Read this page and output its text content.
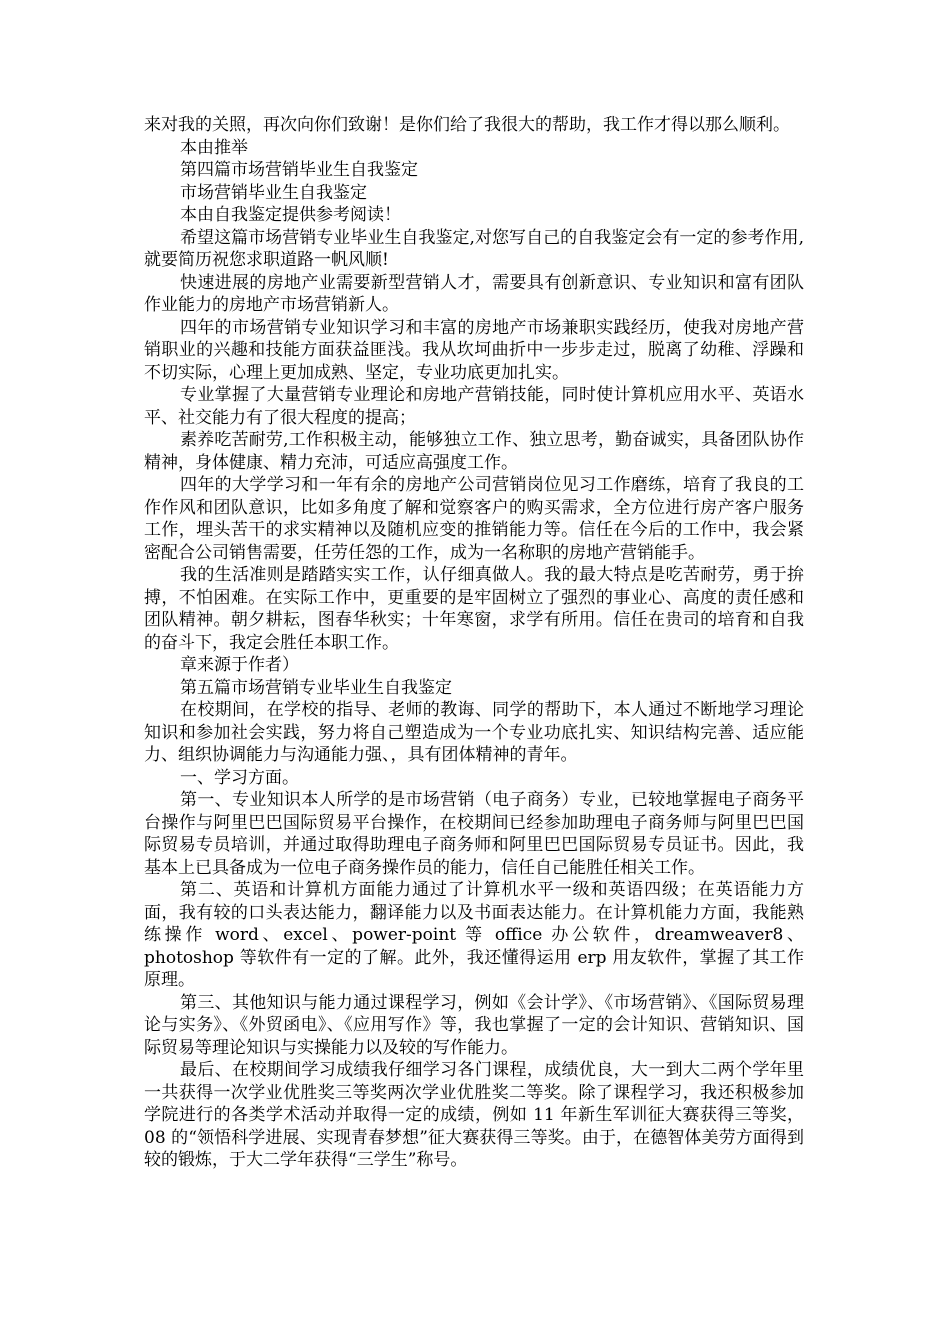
来对我的关照，再次向你们致谢！是你们给了我很大的帮助，我工作才得以那么顺利。

本由推举

第四篇市场营销毕业生自我鉴定

市场营销毕业生自我鉴定

本由自我鉴定提供参考阅读！

希望这篇市场营销专业毕业生自我鉴定,对您写自己的自我鉴定会有一定的参考作用,就要简历祝您求职道路一帆风顺!

快速进展的房地产业需要新型营销人才，需要具有创新意识、专业知识和富有团队作业能力的房地产市场营销新人。

四年的市场营销专业知识学习和丰富的房地产市场兼职实践经历，使我对房地产营销职业的兴趣和技能方面获益匪浅。我从坎坷曲折中一步步走过，脱离了幼稚、浮躁和不切实际，心理上更加成熟、坚定，专业功底更加扎实。

专业掌握了大量营销专业理论和房地产营销技能，同时使计算机应用水平、英语水平、社交能力有了很大程度的提高；

素养吃苦耐劳,工作积极主动，能够独立工作、独立思考，勤奋诚实，具备团队协作精神，身体健康、精力充沛，可适应高强度工作。

四年的大学学习和一年有余的房地产公司营销岗位见习工作磨练，培育了我良的工作作风和团队意识，比如多角度了解和觉察客户的购买需求，全方位进行房产客户服务工作，埋头苦干的求实精神以及随机应变的推销能力等。信任在今后的工作中，我会紧密配合公司销售需要，任劳任怨的工作，成为一名称职的房地产营销能手。

我的生活准则是踏踏实实工作，认仔细真做人。我的最大特点是吃苦耐劳，勇于拚搏，不怕困难。在实际工作中，更重要的是牢固树立了强烈的事业心、高度的责任感和团队精神。朝夕耕耘，图春华秋实；十年寒窗，求学有所用。信任在贵司的培育和自我的奋斗下，我定会胜任本职工作。

章来源于作者）

第五篇市场营销专业毕业生自我鉴定

在校期间，在学校的指导、老师的教诲、同学的帮助下，本人通过不断地学习理论知识和参加社会实践，努力将自己塑造成为一个专业功底扎实、知识结构完善、适应能力、组织协调能力与沟通能力强、，具有团体精神的青年。

一、学习方面。

第一、专业知识本人所学的是市场营销（电子商务）专业，已较地掌握电子商务平台操作与阿里巴巴国际贸易平台操作，在校期间已经参加助理电子商务师与阿里巴巴国际贸易专员培训，并通过取得助理电子商务师和阿里巴巴国际贸易专员证书。因此，我基本上已具备成为一位电子商务操作员的能力，信任自己能胜任相关工作。

第二、英语和计算机方面能力通过了计算机水平一级和英语四级；在英语能力方面，我有较的口头表达能力，翻译能力以及书面表达能力。在计算机能力方面，我能熟练操作 word、excel、power-point 等 office 办公软件，dreamweaver8、photoshop 等软件有一定的了解。此外，我还懂得运用 erp 用友软件，掌握了其工作原理。

第三、其他知识与能力通过课程学习，例如《会计学》、《市场营销》、《国际贸易理论与实务》、《外贸函电》、《应用写作》等，我也掌握了一定的会计知识、营销知识、国际贸易等理论知识与实操能力以及较的写作能力。

最后、在校期间学习成绩我仔细学习各门课程，成绩优良，大一到大二两个学年里一共获得一次学业优胜奖三等奖两次学业优胜奖二等奖。除了课程学习，我还积极参加学院进行的各类学术活动并取得一定的成绩，例如 11 年新生军训征大赛获得三等奖，08 的“领悟科学进展、实现青春梦想”征大赛获得三等奖。由于，在德智体美劳方面得到较的锻炼，于大二学年获得“三学生”称号。
